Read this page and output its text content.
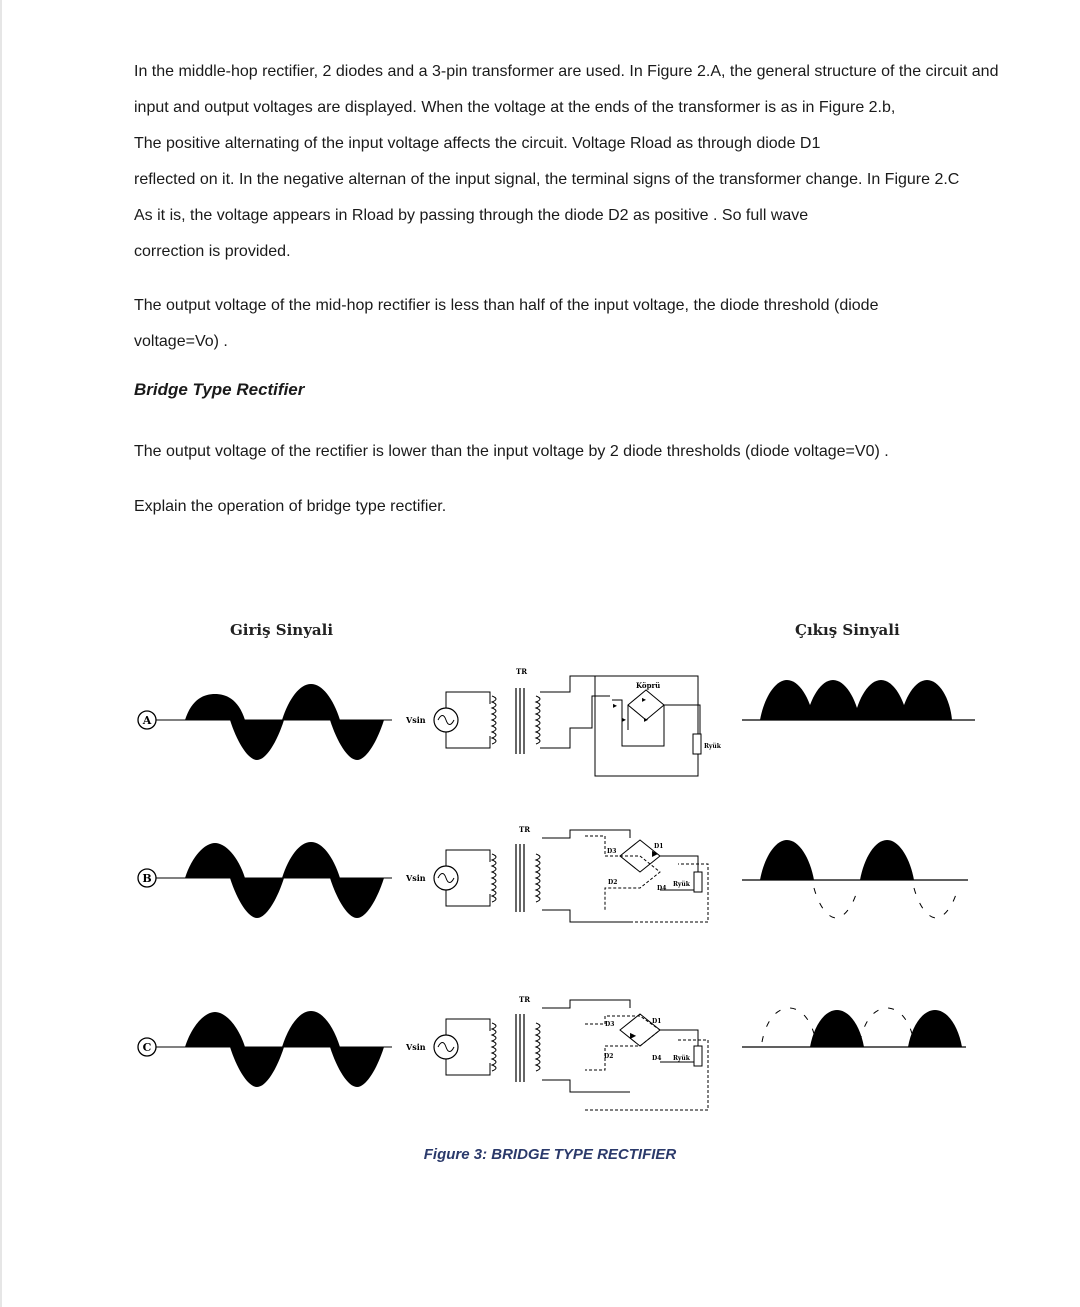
In the middle-hop rectifier, 2 diodes and a 3-pin transformer are used. In Figure 2.A, the general structure of the circuit and
input and output voltages are displayed. When the voltage at the ends of the transformer is as in Figure 2.b,
The positive alternating of the input voltage affects the circuit. Voltage Rload as through diode D1
reflected on it. In the negative alternan of the input signal, the terminal signs of the transformer change. In Figure 2.C
As it is, the voltage appears in Rload by passing through the diode D2 as positive . So full wave
correction is provided.
The output voltage of the mid-hop rectifier is less than half of the input voltage, the diode threshold (diode
voltage=Vo) .
Bridge Type Rectifier
The output voltage of the rectifier is lower than the input voltage by 2 diode thresholds (diode voltage=V0) .
Explain the operation of bridge type rectifier.
Giriş Sinyali	Çıkış Sinyali
A	Vsin
TR
Köprü
▸
▸
▸ ▸
Ryük
B	Vsin
TR
D3
D1
D2
D4
▶
Ryük
C	Vsin
TR
D3	D1
D2	D4
▶
Ryük
Figure 3: BRIDGE TYPE RECTIFIER
